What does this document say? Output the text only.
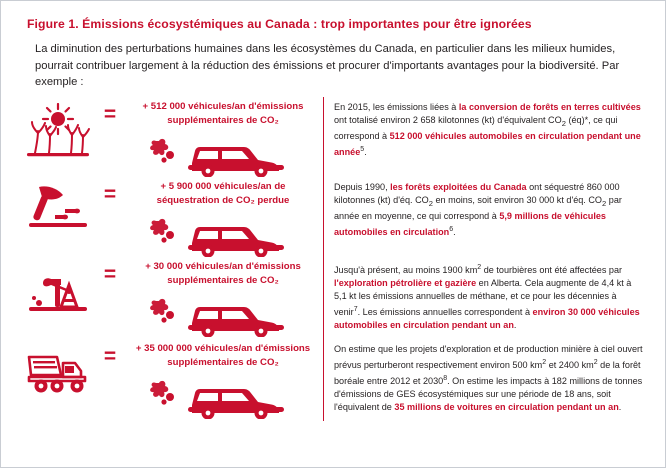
Figure 1. Émissions écosystémiques au Canada : trop importantes pour être ignorées
La diminution des perturbations humaines dans les écosystèmes du Canada, en particulier dans les milieux humides, pourrait contribuer largement à la réduction des émissions et procurer d'importants avantages pour la biodiversité. Par exemple :
=	+ 512 000 véhicules/an d'émissions
supplémentaires de CO₂
En 2015, les émissions liées à la conversion de forêts en terres cultivées ont totalisé environ 2 658 kilotonnes (kt) d'équivalent $CO_2$ (éq)*, ce qui correspond à 512 000 véhicules automobiles en circulation pendant une année$^5$.
=	+ 5 900 000 véhicules/an de
séquestration de CO₂ perdue
Depuis 1990, les forêts exploitées du Canada ont séquestré 860 000 kilotonnes (kt) d'éq. $CO_2$ en moins, soit environ 30 000 kt d'éq. $CO_2$ par année en moyenne, ce qui correspond à 5,9 millions de véhicules automobiles en circulation$^6$.
=	+ 30 000 véhicules/an d'émissions
supplémentaires de CO₂
Jusqu'à présent, au moins 1900 $km^2$ de tourbières ont été affectées par l'exploration pétrolière et gazière en Alberta. Cela augmente de 4,4 kt à 5,1 kt les émissions annuelles de méthane, et ce pour les décennies à venir$^7$. Les émissions annuelles correspondent à environ 30 000 véhicules automobiles en circulation pendant un an.
=	+ 35 000 000 véhicules/an d'émissions
supplémentaires de CO₂
On estime que les projets d'exploration et de production minière à ciel ouvert prévus perturberont respectivement environ 500 $km^2$ et 2400 $km^2$ de la forêt boréale entre 2012 et 2030$^8$. On estime les impacts à 182 millions de tonnes d'émissions de GES écosystémiques sur une période de 18 ans, soit l'équivalent de 35 millions de voitures en circulation pendant un an.
